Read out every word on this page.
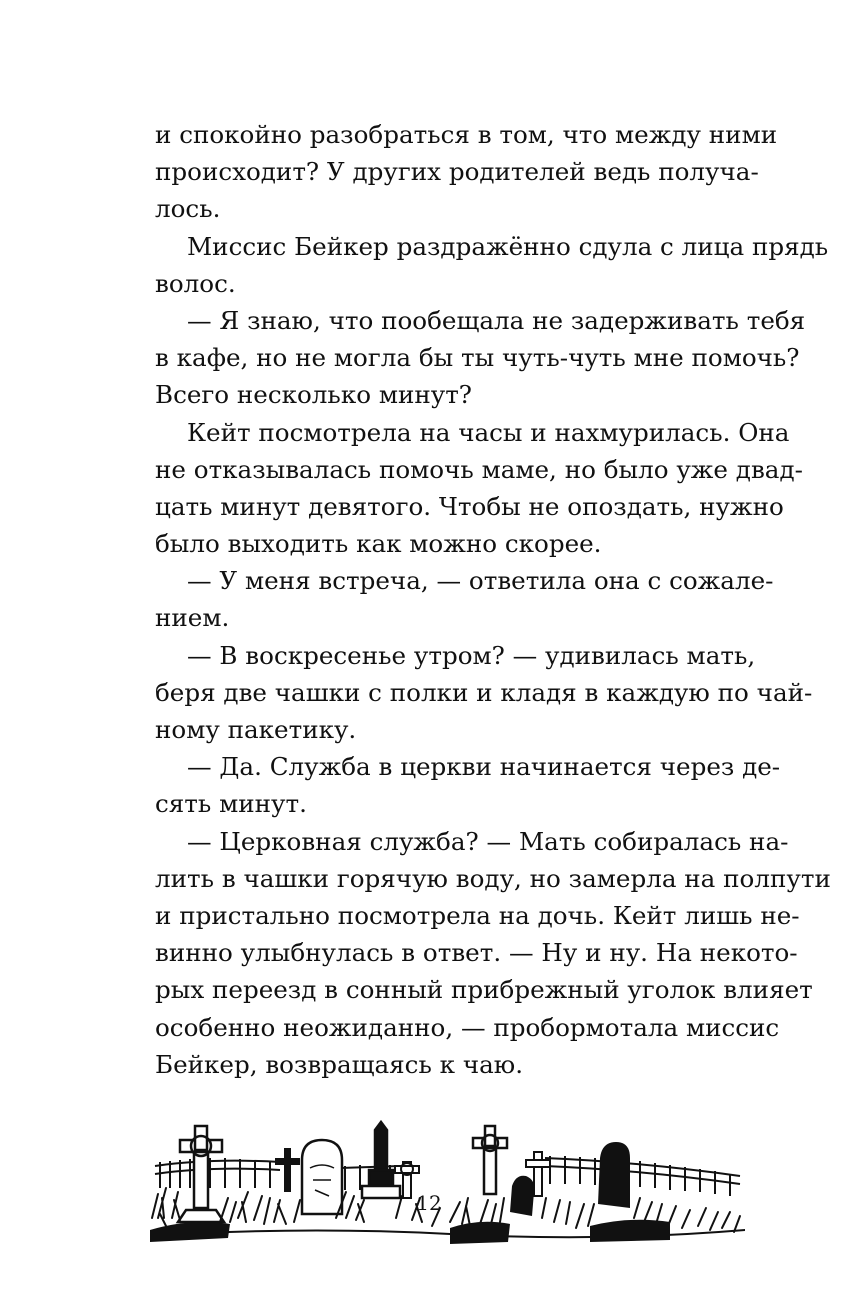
и спокойно разобраться в том, что между ними
происходит? У других родителей ведь получа-
лось.
Миссис Бейкер раздражённо сдула с лица прядь
волос.
— Я знаю, что пообещала не задерживать тебя
в кафе, но не могла бы ты чуть-чуть мне помочь?
Всего несколько минут?
Кейт посмотрела на часы и нахмурилась. Она
не отказывалась помочь маме, но было уже двад-
цать минут девятого. Чтобы не опоздать, нужно
было выходить как можно скорее.
— У меня встреча, — ответила она с сожале-
нием.
— В воскресенье утром? — удивилась мать,
беря две чашки с полки и кладя в каждую по чай-
ному пакетику.
— Да. Служба в церкви начинается через де-
сять минут.
— Церковная служба? — Мать собиралась на-
лить в чашки горячую воду, но замерла на полпути
и пристально посмотрела на дочь. Кейт лишь не-
винно улыбнулась в ответ. — Ну и ну. На некото-
рых переезд в сонный прибрежный уголок влияет
особенно неожиданно, — пробормотала миссис
Бейкер, возвращаясь к чаю.
12
